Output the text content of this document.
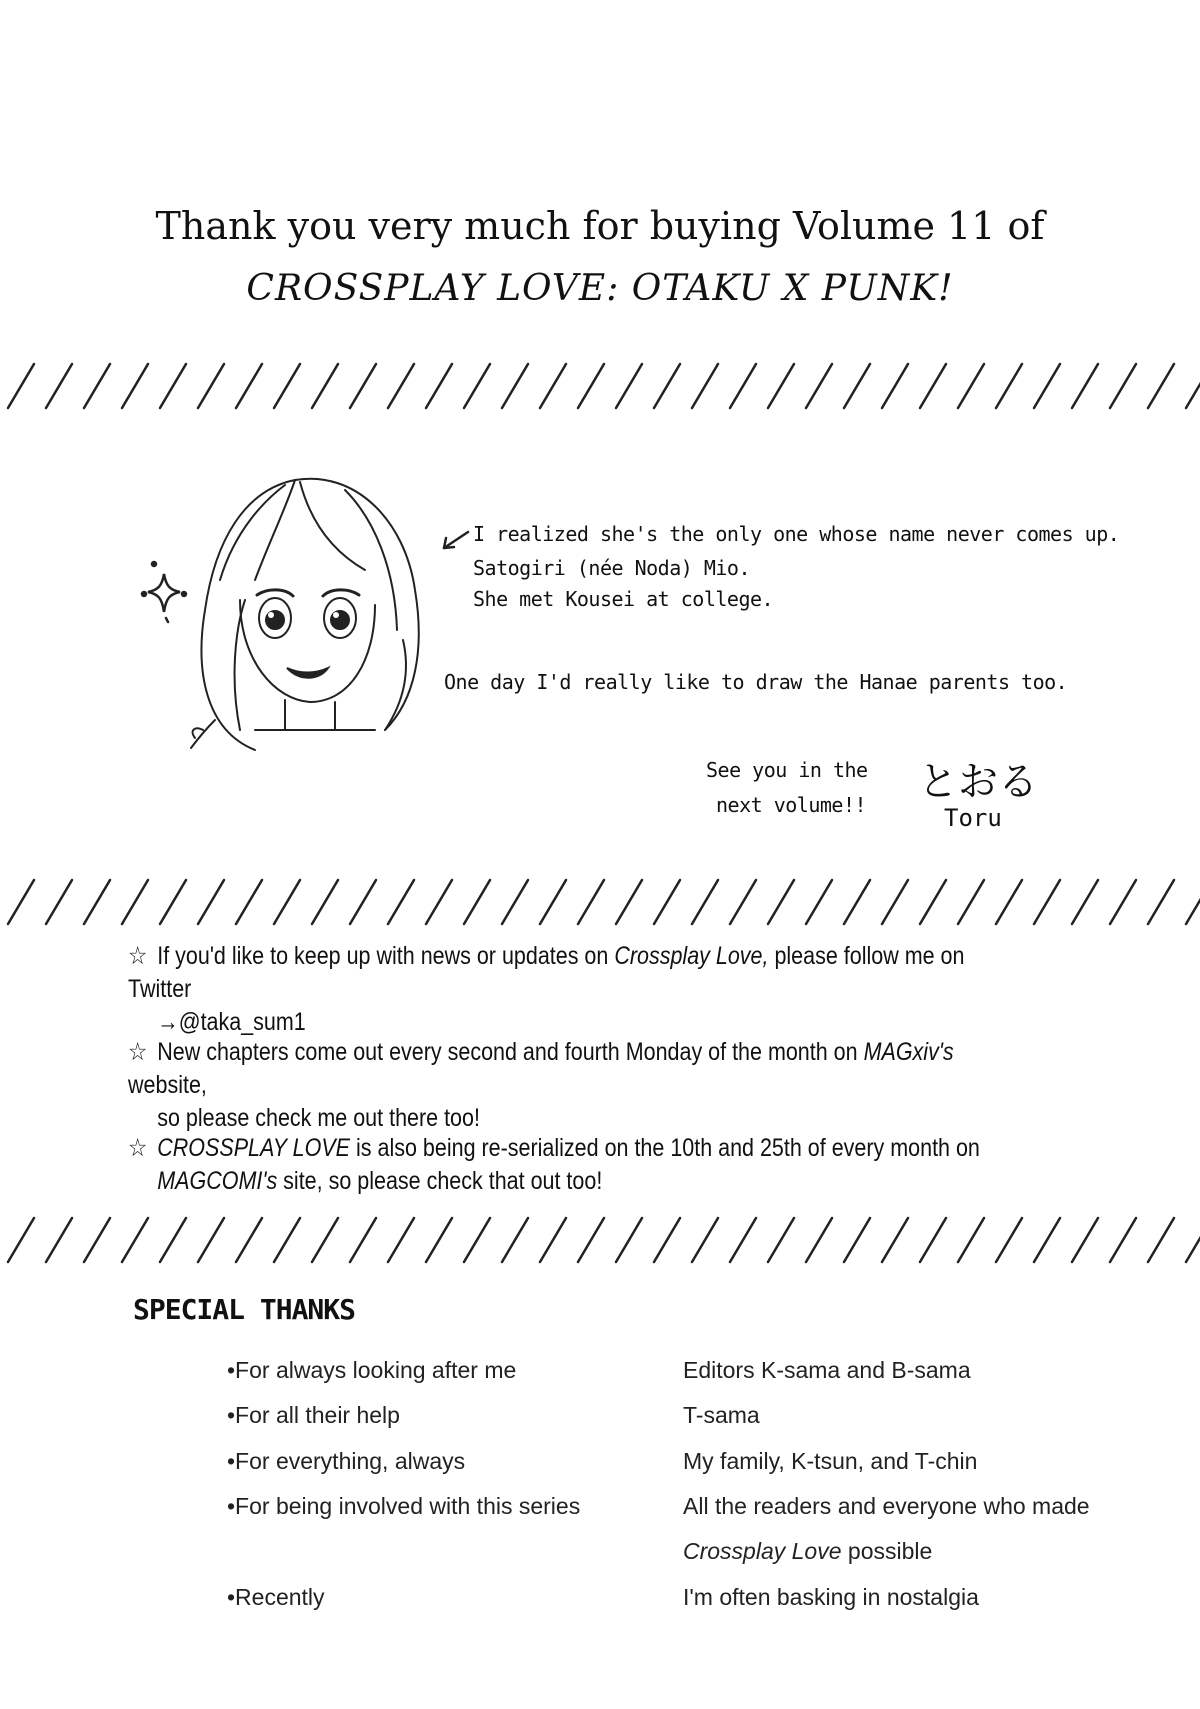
Thank you very much for buying Volume 11 of
CROSSPLAY LOVE: OTAKU X PUNK!
I realized she's the only one whose name never comes up.
Satogiri (née Noda) Mio.
She met Kousei at college.
One day I'd really like to draw the Hanae parents too.
See you in the
next volume!! とおる
Toru
☆ If you'd like to keep up with news or updates on Crossplay Love, please follow me on Twitter
→@taka_sum1
☆ New chapters come out every second and fourth Monday of the month on MAGxiv's website,
so please check me out there too!
☆ CROSSPLAY LOVE is also being re-serialized on the 10th and 25th of every month on
MAGCOMI's site, so please check that out too!
SPECIAL THANKS
•For always looking after me	Editors K-sama and B-sama
•For all their help	T-sama
•For everything, always	My family, K-tsun, and T-chin
•For being involved with this series	All the readers and everyone who made
Crossplay Love possible
•Recently	I'm often basking in nostalgia
